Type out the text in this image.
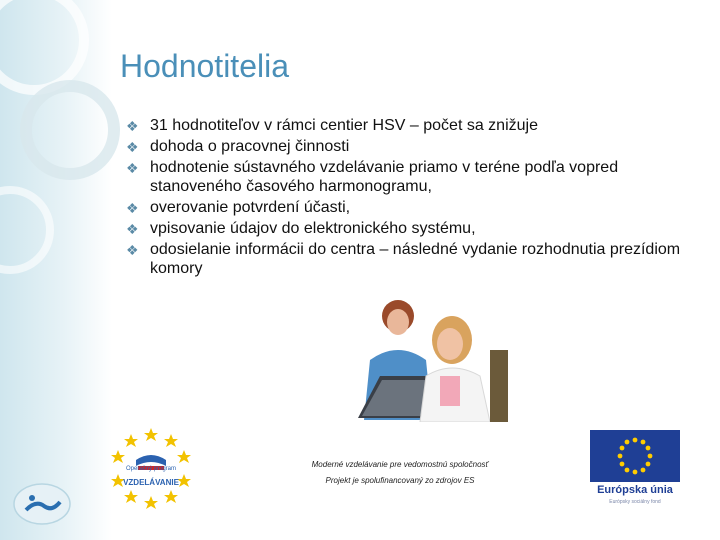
Hodnotitelia
❖ 31 hodnotiteľov v rámci centier HSV – počet sa znižuje
❖ dohoda o pracovnej činnosti
❖ hodnotenie sústavného vzdelávanie priamo v teréne podľa vopred stanoveného časového harmonogramu,
❖ overovanie potvrdení účasti,
❖ vpisovanie údajov do elektronického systému,
❖ odosielanie informácii do centra – následné vydanie rozhodnutia prezídiom komory
Operačný program
VZDELÁVANIE
Moderné vzdelávanie pre vedomostnú spoločnosť
Projekt je spolufinancovaný zo zdrojov ES
Európska únia
Európsky sociálny fond
